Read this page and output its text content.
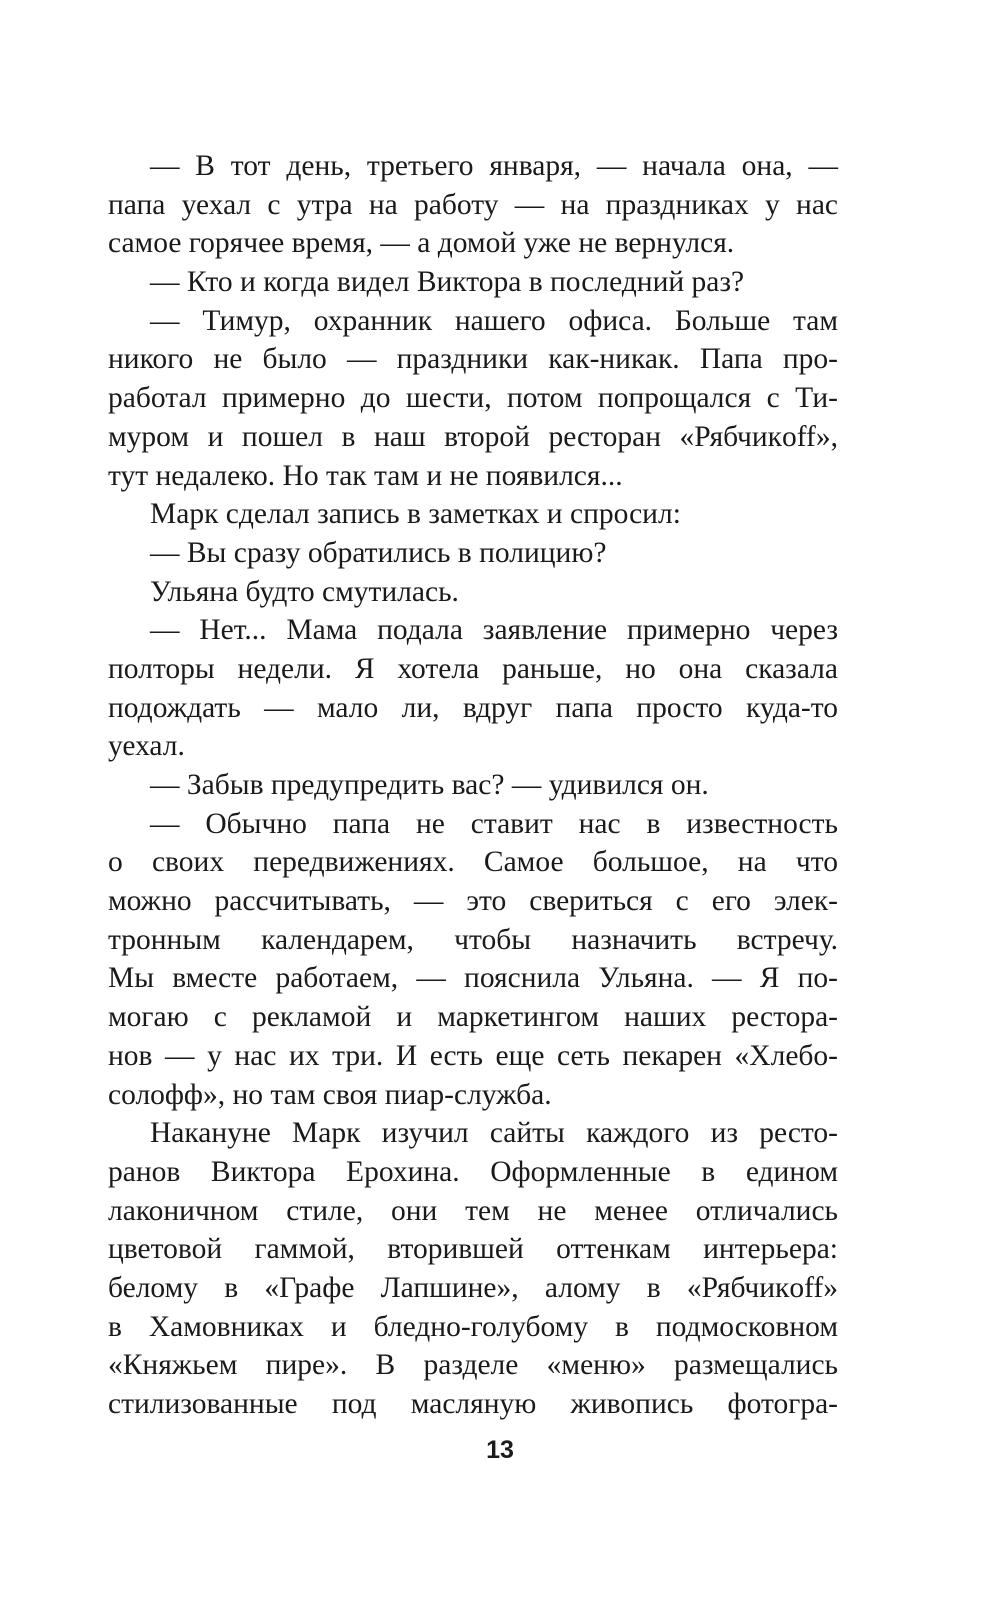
— В тот день, третьего января, — начала она, —
папа уехал с утра на работу — на праздниках у нас
самое горячее время, — а домой уже не вернулся.
— Кто и когда видел Виктора в последний раз?
— Тимур, охранник нашего офиса. Больше там
никого не было — праздники как-никак. Папа про-
работал примерно до шести, потом попрощался с Ти-
муром и пошел в наш второй ресторан «Рябчикoff»,
тут недалеко. Но так там и не появился...
Марк сделал запись в заметках и спросил:
— Вы сразу обратились в полицию?
Ульяна будто смутилась.
— Нет... Мама подала заявление примерно через
полторы недели. Я хотела раньше, но она сказала
подождать — мало ли, вдруг папа просто куда-то
уехал.
— Забыв предупредить вас? — удивился он.
— Обычно папа не ставит нас в известность
о своих передвижениях. Самое большое, на что
можно рассчитывать, — это свериться с его элек-
тронным календарем, чтобы назначить встречу.
Мы вместе работаем, — пояснила Ульяна. — Я по-
могаю с рекламой и маркетингом наших рестора-
нов — у нас их три. И есть еще сеть пекарен «Хлебо-
солофф», но там своя пиар-служба.
Накануне Марк изучил сайты каждого из ресто-
ранов Виктора Ерохина. Оформленные в едином
лаконичном стиле, они тем не менее отличались
цветовой гаммой, вторившей оттенкам интерьера:
белому в «Графе Лапшине», алому в «Рябчикoff»
в Хамовниках и бледно-голубому в подмосковном
«Княжьем пире». В разделе «меню» размещались
стилизованные под масляную живопись фотогра-
13
